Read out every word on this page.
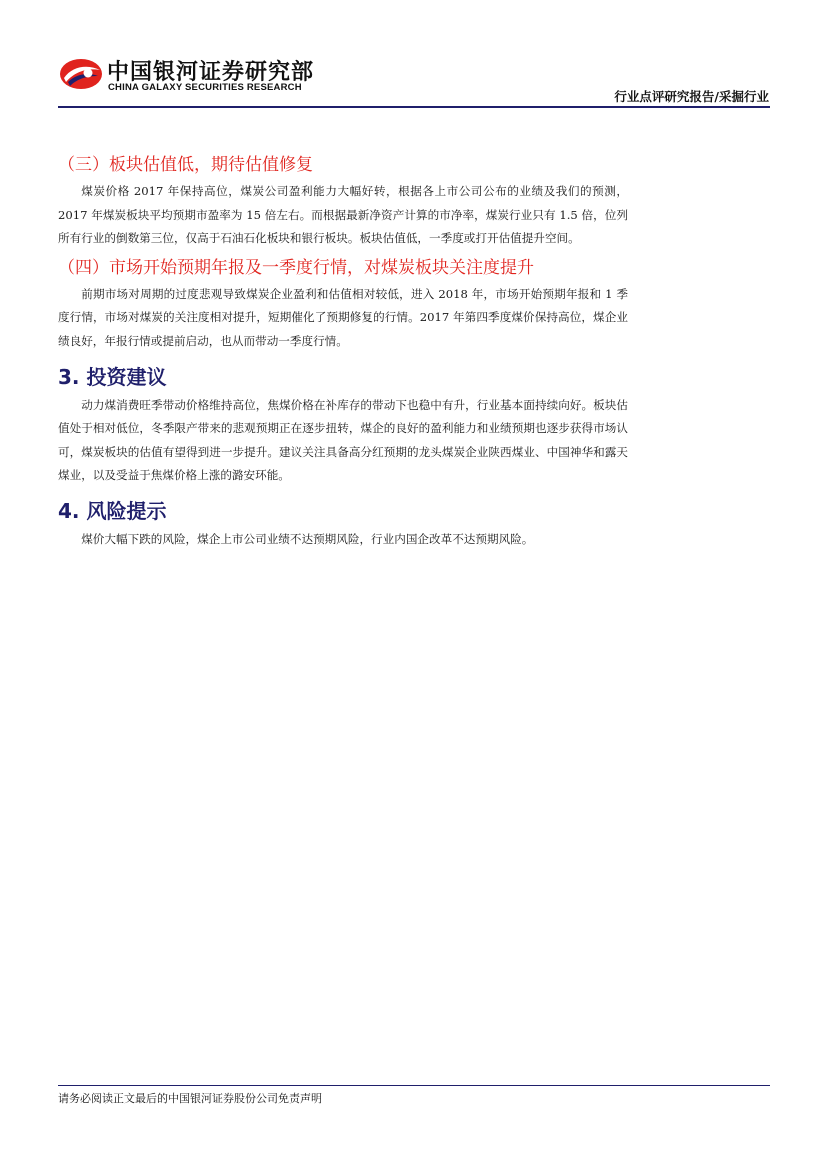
中国银河证券研究部
CHINA GALAXY SECURITIES RESEARCH
行业点评研究报告/采掘行业
（三）板块估值低，期待估值修复

煤炭价格 2017 年保持高位，煤炭公司盈利能力大幅好转，根据各上市公司公布的业绩及我们的预测，2017 年煤炭板块平均预期市盈率为 15 倍左右。而根据最新净资产计算的市净率，煤炭行业只有 1.5 倍，位列所有行业的倒数第三位，仅高于石油石化板块和银行板块。板块估值低，一季度或打开估值提升空间。

（四）市场开始预期年报及一季度行情，对煤炭板块关注度提升

前期市场对周期的过度悲观导致煤炭企业盈利和估值相对较低，进入 2018 年，市场开始预期年报和 1 季度行情，市场对煤炭的关注度相对提升，短期催化了预期修复的行情。2017 年第四季度煤价保持高位，煤企业绩良好，年报行情或提前启动，也从而带动一季度行情。

3. 投资建议

动力煤消费旺季带动价格维持高位，焦煤价格在补库存的带动下也稳中有升，行业基本面持续向好。板块估值处于相对低位，冬季限产带来的悲观预期正在逐步扭转，煤企的良好的盈利能力和业绩预期也逐步获得市场认可，煤炭板块的估值有望得到进一步提升。建议关注具备高分红预期的龙头煤炭企业陕西煤业、中国神华和露天煤业，以及受益于焦煤价格上涨的潞安环能。

4. 风险提示

煤价大幅下跌的风险，煤企上市公司业绩不达预期风险，行业内国企改革不达预期风险。

请务必阅读正文最后的中国银河证券股份公司免责声明
